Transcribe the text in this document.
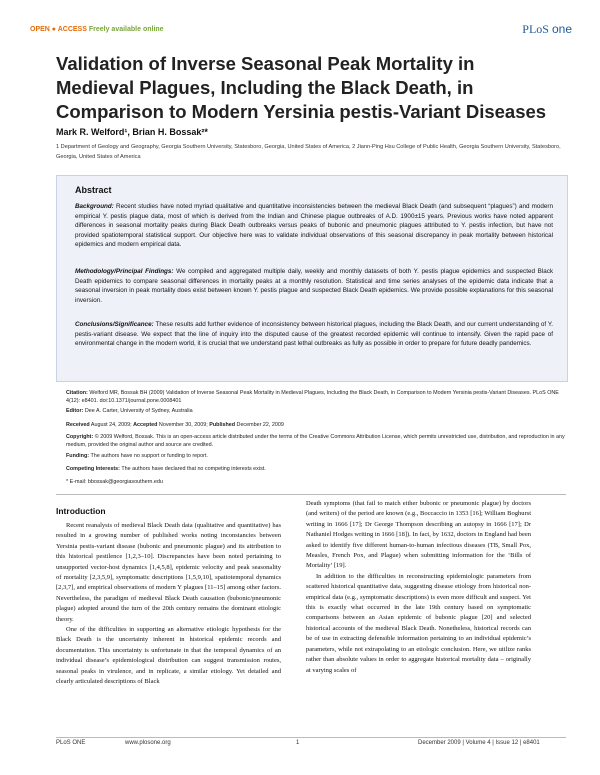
OPEN ● ACCESS Freely available online	PLoS one
Validation of Inverse Seasonal Peak Mortality in Medieval Plagues, Including the Black Death, in Comparison to Modern Yersinia pestis-Variant Diseases
Mark R. Welford¹, Brian H. Bossak²*
1 Department of Geology and Geography, Georgia Southern University, Statesboro, Georgia, United States of America, 2 Jiann-Ping Hsu College of Public Health, Georgia Southern University, Statesboro, Georgia, United States of America
Abstract

Background: Recent studies have noted myriad qualitative and quantitative inconsistencies between the medieval Black Death (and subsequent “plagues”) and modern empirical Y. pestis plague data, most of which is derived from the Indian and Chinese plague outbreaks of A.D. 1900±15 years. Previous works have noted apparent differences in seasonal mortality peaks during Black Death outbreaks versus peaks of bubonic and pneumonic plagues attributed to Y. pestis infection, but have not provided spatiotemporal statistical support. Our objective here was to validate individual observations of this seasonal discrepancy in peak mortality between historical epidemics and modern empirical data.

Methodology/Principal Findings: We compiled and aggregated multiple daily, weekly and monthly datasets of both Y. pestis plague epidemics and suspected Black Death epidemics to compare seasonal differences in mortality peaks at a monthly resolution. Statistical and time series analyses of the epidemic data indicate that a seasonal inversion in peak mortality does exist between known Y. pestis plague and suspected Black Death epidemics. We provide possible explanations for this seasonal inversion.

Conclusions/Significance: These results add further evidence of inconsistency between historical plagues, including the Black Death, and our current understanding of Y. pestis-variant disease. We expect that the line of inquiry into the disputed cause of the greatest recorded epidemic will continue to intensify. Given the rapid pace of environmental change in the modern world, it is crucial that we understand past lethal outbreaks as fully as possible in order to prepare for future deadly pandemics.

Citation: Welford MR, Bossak BH (2009) Validation of Inverse Seasonal Peak Mortality in Medieval Plagues, Including the Black Death, in Comparison to Modern Yersinia pestis-Variant Diseases. PLoS ONE 4(12): e8401. doi:10.1371/journal.pone.0008401
Editor: Dee A. Carter, University of Sydney, Australia
Received August 24, 2009; Accepted November 30, 2009; Published December 22, 2009
Copyright: © 2009 Welford, Bossak. This is an open-access article distributed under the terms of the Creative Commons Attribution License, which permits unrestricted use, distribution, and reproduction in any medium, provided the original author and source are credited.
Funding: The authors have no support or funding to report.
Competing Interests: The authors have declared that no competing interests exist.
* E-mail: bbossak@georgiasouthern.edu
Introduction

Recent reanalysis of medieval Black Death data (qualitative and quantitative) has resulted in a growing number of published works noting inconstancies between Yersinia pestis-variant disease (bubonic and pneumonic plague) and its attribution to this historical pestilence [1,2,3–10]. Discrepancies have been noted pertaining to unsupported vector-host dynamics [1,4,5,8], epidemic velocity and peak seasonality of mortality [2,3,5,9], symptomatic descriptions [1,5,9,10], spatiotemporal dynamics [2,3,7], and empirical observations of modern Y plagues [11–15] among other factors. Nevertheless, the paradigm of medieval Black Death causation (bubonic/pneumonic plague) adopted around the turn of the 20th century remains the dominant etiologic theory.

One of the difficulties in supporting an alternative etiologic hypothesis for the Black Death is the uncertainty inherent in historical epidemic records and documentation. This uncertainty is unfortunate in that the temporal dynamics of an individual disease’s epidemiological distribution can suggest transmission routes, seasonal peaks in virulence, and in replicate, a similar etiology. Yet detailed and clearly articulated descriptions of Black

Death symptoms (that fail to match either bubonic or pneumonic plague) by doctors (and writers) of the period are known (e.g., Boccaccio in 1353 [16]; William Boghurst writing in 1666 [17]; Dr George Thompson describing an autopsy in 1666 [17]; Dr Nathaniel Hodges writing in 1666 [18]). In fact, by 1632, doctors in England had been asked to identify five different human-to-human infectious diseases (TB, Small Pox, Measles, French Pox, and Plague) when submitting information for the ‘Bills of Mortality’ [19].

In addition to the difficulties in reconstructing epidemiologic parameters from scattered historical quantitative data, suggesting disease etiology from historical non-empirical data (e.g., symptomatic descriptions) is even more difficult and suspect. Yet this is exactly what occurred in the late 19th century based on symptomatic comparisons between an Asian epidemic of bubonic plague [20] and selected historical accounts of the medieval Black Death. Nonetheless, historical records can be of use in extracting defensible information pertaining to an individual epidemic’s parameters, while not extrapolating to an etiologic conclusion. Here, we utilize ranks rather than absolute values in order to aggregate historical mortality data – originally at varying scales of

PLoS ONE	www.plosone.org	1	December 2009 | Volume 4 | Issue 12 | e8401
